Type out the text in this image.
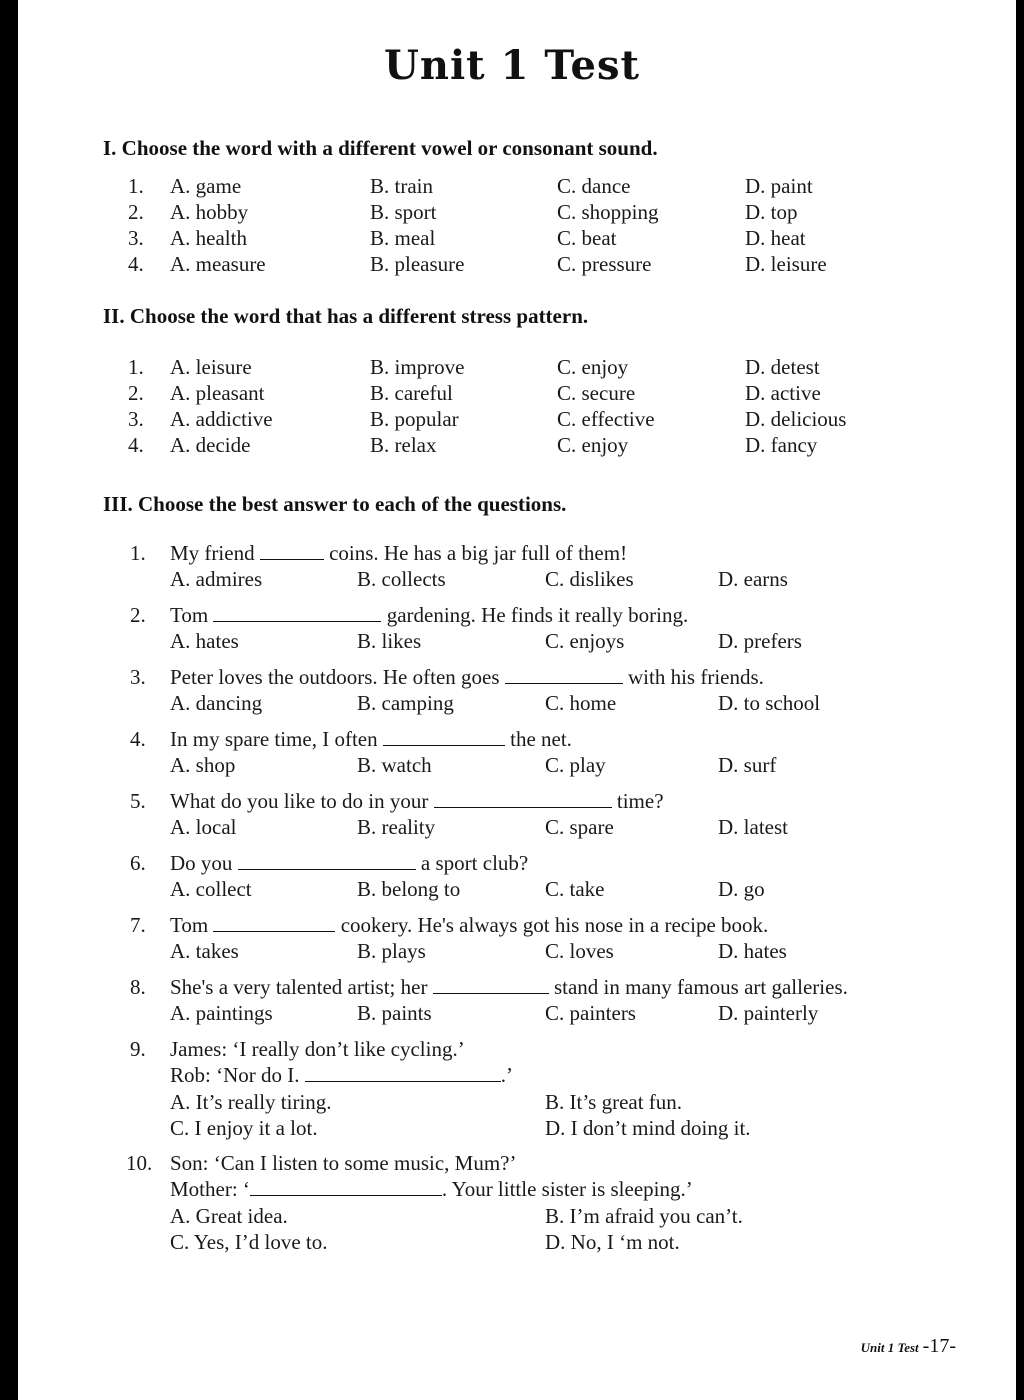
Unit 1 Test

I. Choose the word with a different vowel or consonant sound.

1. A. game	B. train	C. dance	D. paint
2. A. hobby	B. sport	C. shopping	D. top
3. A. health	B. meal	C. beat	D. heat
4. A. measure	B. pleasure	C. pressure	D. leisure

II. Choose the word that has a different stress pattern.

1. A. leisure	B. improve	C. enjoy	D. detest
2. A. pleasant	B. careful	C. secure	D. active
3. A. addictive	B. popular	C. effective	D. delicious
4. A. decide	B. relax	C. enjoy	D. fancy

III. Choose the best answer to each of the questions.

1. My friend	coins. He has a big jar full of them!
A. admires	B. collects	C. dislikes	D. earns
2. Tom	gardening. He finds it really boring.
A. hates	B. likes	C. enjoys	D. prefers
3. Peter loves the outdoors. He often goes	with his friends.
A. dancing	B. camping	C. home	D. to school
4. In my spare time, I often	the net.
A. shop	B. watch	C. play	D. surf
5. What do you like to do in your	time?
A. local	B. reality	C. spare	D. latest
6. Do you	a sport club?
A. collect	B. belong to	C. take	D. go
7. Tom	cookery. He's always got his nose in a recipe book.
A. takes	B. plays	C. loves	D. hates
8. She's a very talented artist; her	stand in many famous art galleries.
A. paintings	B. paints	C. painters	D. painterly
9. James: ‘I really don’t like cycling.’
Rob: ‘Nor do I.	.’
A. It’s really tiring.	B. It’s great fun.
C. I enjoy it a lot.	D. I don’t mind doing it.
10. Son: ‘Can I listen to some music, Mum?’
Mother: ‘	. Your little sister is sleeping.’
A. Great idea.	B. I’m afraid you can’t.
C. Yes, I’d love to.	D. No, I ‘m not.
Unit 1 Test -17-
